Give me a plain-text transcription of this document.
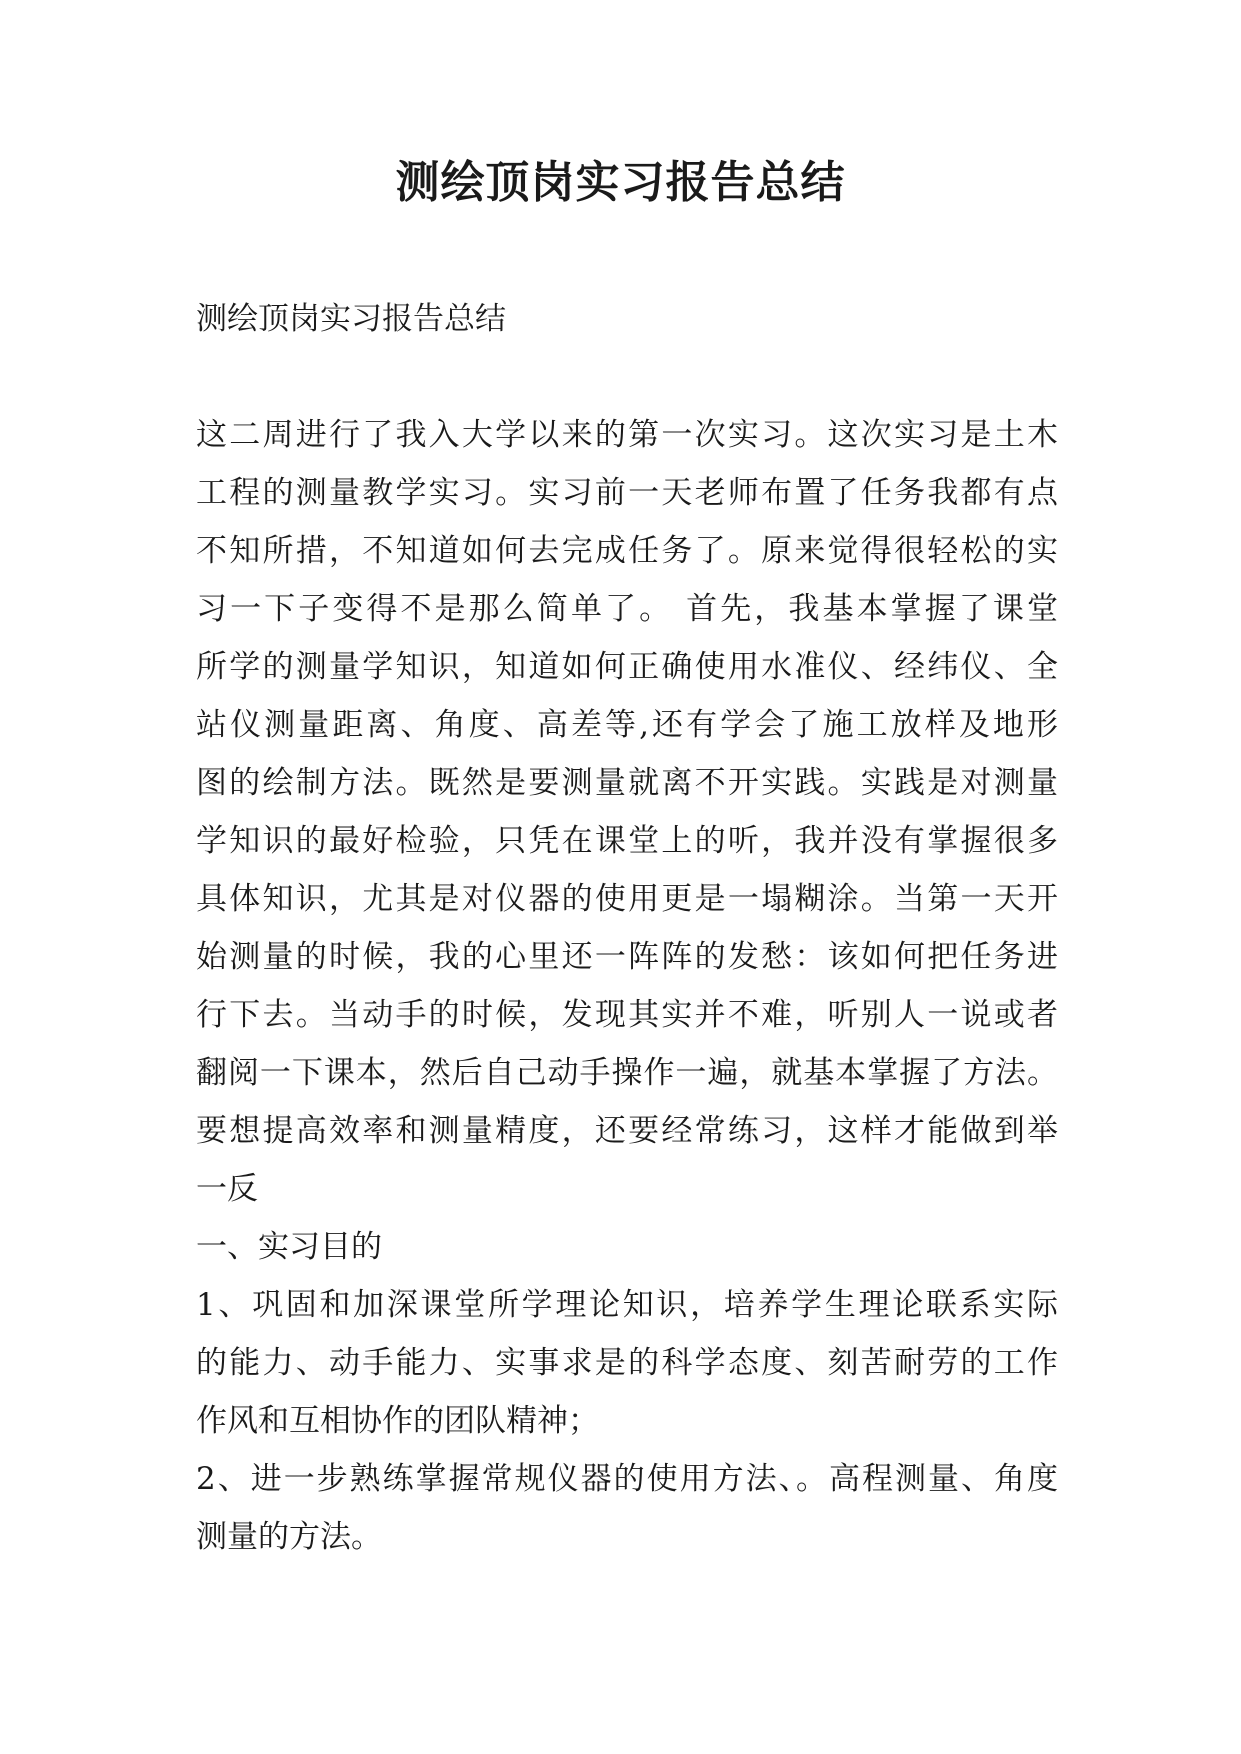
测绘顶岗实习报告总结
测绘顶岗实习报告总结
这二周进行了我入大学以来的第一次实习。这次实习是土木
工程的测量教学实习。实习前一天老师布置了任务我都有点
不知所措，不知道如何去完成任务了。原来觉得很轻松的实
习一下子变得不是那么简单了。 首先，我基本掌握了课堂
所学的测量学知识，知道如何正确使用水准仪、经纬仪、全
站仪测量距离、角度、高差等,还有学会了施工放样及地形
图的绘制方法。既然是要测量就离不开实践。实践是对测量
学知识的最好检验，只凭在课堂上的听，我并没有掌握很多
具体知识，尤其是对仪器的使用更是一塌糊涂。当第一天开
始测量的时候，我的心里还一阵阵的发愁：该如何把任务进
行下去。当动手的时候，发现其实并不难，听别人一说或者
翻阅一下课本，然后自己动手操作一遍，就基本掌握了方法。
要想提高效率和测量精度，还要经常练习，这样才能做到举
一反
一、实习目的
1、巩固和加深课堂所学理论知识，培养学生理论联系实际
的能力、动手能力、实事求是的科学态度、刻苦耐劳的工作
作风和互相协作的团队精神；
2、进一步熟练掌握常规仪器的使用方法、。高程测量、角度
测量的方法。
